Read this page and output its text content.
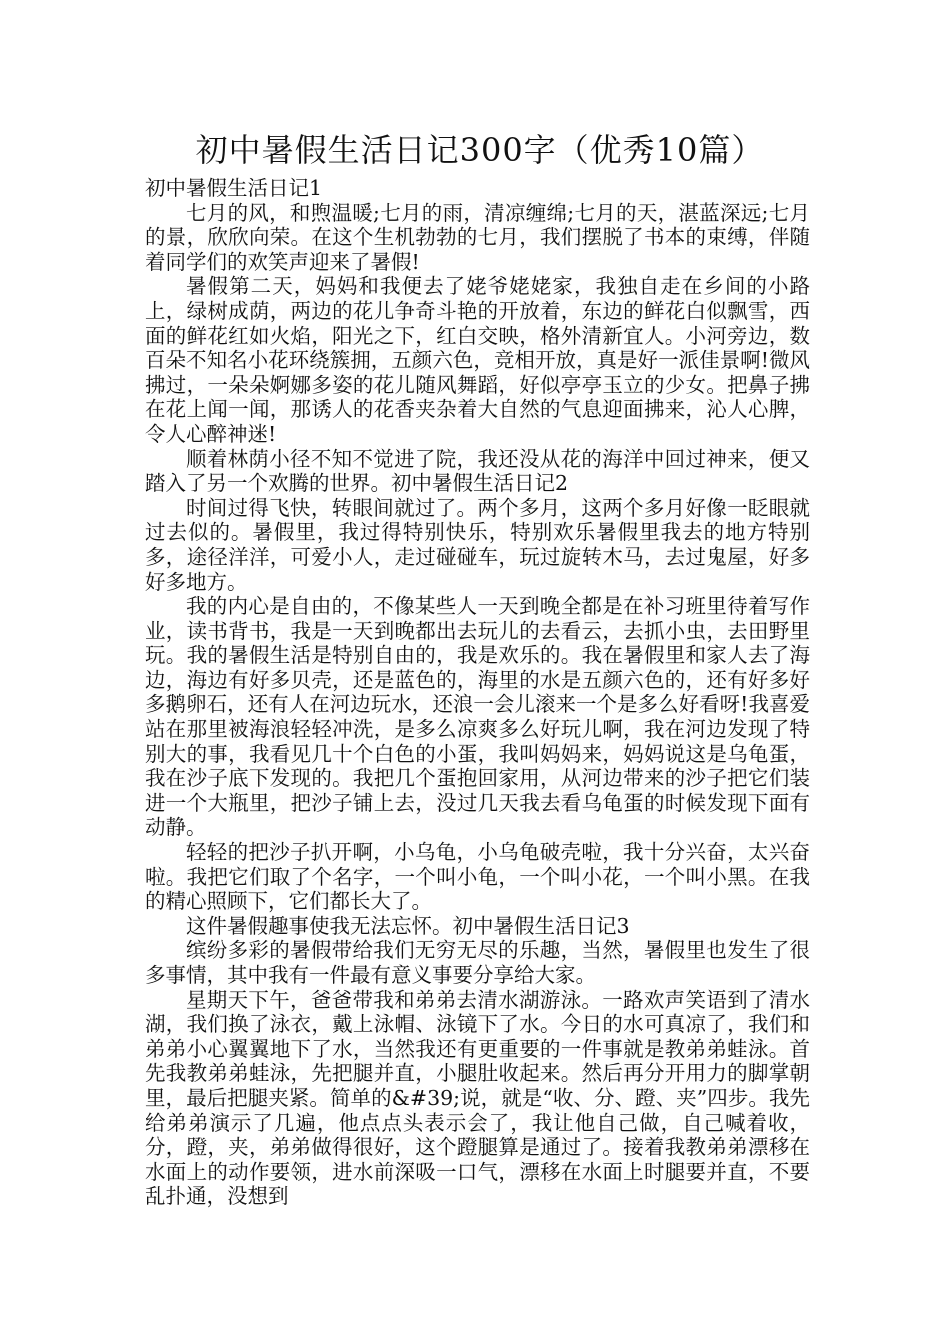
初中暑假生活日记300字（优秀10篇）

初中暑假生活日记1

七月的风，和煦温暖;七月的雨，清凉缠绵;七月的天，湛蓝深远;七月的景，欣欣向荣。在这个生机勃勃的七月，我们摆脱了书本的束缚，伴随着同学们的欢笑声迎来了暑假!

暑假第二天，妈妈和我便去了姥爷姥姥家，我独自走在乡间的小路上，绿树成荫，两边的花儿争奇斗艳的开放着，东边的鲜花白似飘雪，西面的鲜花红如火焰，阳光之下，红白交映，格外清新宜人。小河旁边，数百朵不知名小花环绕簇拥，五颜六色，竞相开放，真是好一派佳景啊!微风拂过，一朵朵婀娜多姿的花儿随风舞蹈，好似亭亭玉立的少女。把鼻子拂在花上闻一闻，那诱人的花香夹杂着大自然的气息迎面拂来，沁人心脾，令人心醉神迷!

顺着林荫小径不知不觉进了院，我还没从花的海洋中回过神来，便又踏入了另一个欢腾的世界。初中暑假生活日记2

时间过得飞快，转眼间就过了。两个多月，这两个多月好像一眨眼就过去似的。暑假里，我过得特别快乐，特别欢乐暑假里我去的地方特别多，途径洋洋，可爱小人，走过碰碰车，玩过旋转木马，去过鬼屋，好多好多地方。

我的内心是自由的，不像某些人一天到晚全都是在补习班里待着写作业，读书背书，我是一天到晚都出去玩儿的去看云，去抓小虫，去田野里玩。我的暑假生活是特别自由的，我是欢乐的。我在暑假里和家人去了海边，海边有好多贝壳，还是蓝色的，海里的水是五颜六色的，还有好多好多鹅卵石，还有人在河边玩水，还浪一会儿滚来一个是多么好看呀!我喜爱站在那里被海浪轻轻冲洗，是多么凉爽多么好玩儿啊，我在河边发现了特别大的事，我看见几十个白色的小蛋，我叫妈妈来，妈妈说这是乌龟蛋，我在沙子底下发现的。我把几个蛋抱回家用，从河边带来的沙子把它们装进一个大瓶里，把沙子铺上去，没过几天我去看乌龟蛋的时候发现下面有动静。

轻轻的把沙子扒开啊，小乌龟，小乌龟破壳啦，我十分兴奋，太兴奋啦。我把它们取了个名字，一个叫小龟，一个叫小花，一个叫小黑。在我的精心照顾下，它们都长大了。

这件暑假趣事使我无法忘怀。初中暑假生活日记3

缤纷多彩的暑假带给我们无穷无尽的乐趣，当然，暑假里也发生了很多事情，其中我有一件最有意义事要分享给大家。

星期天下午，爸爸带我和弟弟去清水湖游泳。一路欢声笑语到了清水湖，我们换了泳衣，戴上泳帽、泳镜下了水。今日的水可真凉了，我们和弟弟小心翼翼地下了水，当然我还有更重要的一件事就是教弟弟蛙泳。首先我教弟弟蛙泳，先把腿并直，小腿肚收起来。然后再分开用力的脚掌朝里，最后把腿夹紧。简单的&#39;说，就是“收、分、蹬、夹”四步。我先给弟弟演示了几遍，他点点头表示会了，我让他自己做，自己喊着收，分，蹬，夹，弟弟做得很好，这个蹬腿算是通过了。接着我教弟弟漂移在水面上的动作要领，进水前深吸一口气，漂移在水面上时腿要并直，不要乱扑通，没想到
